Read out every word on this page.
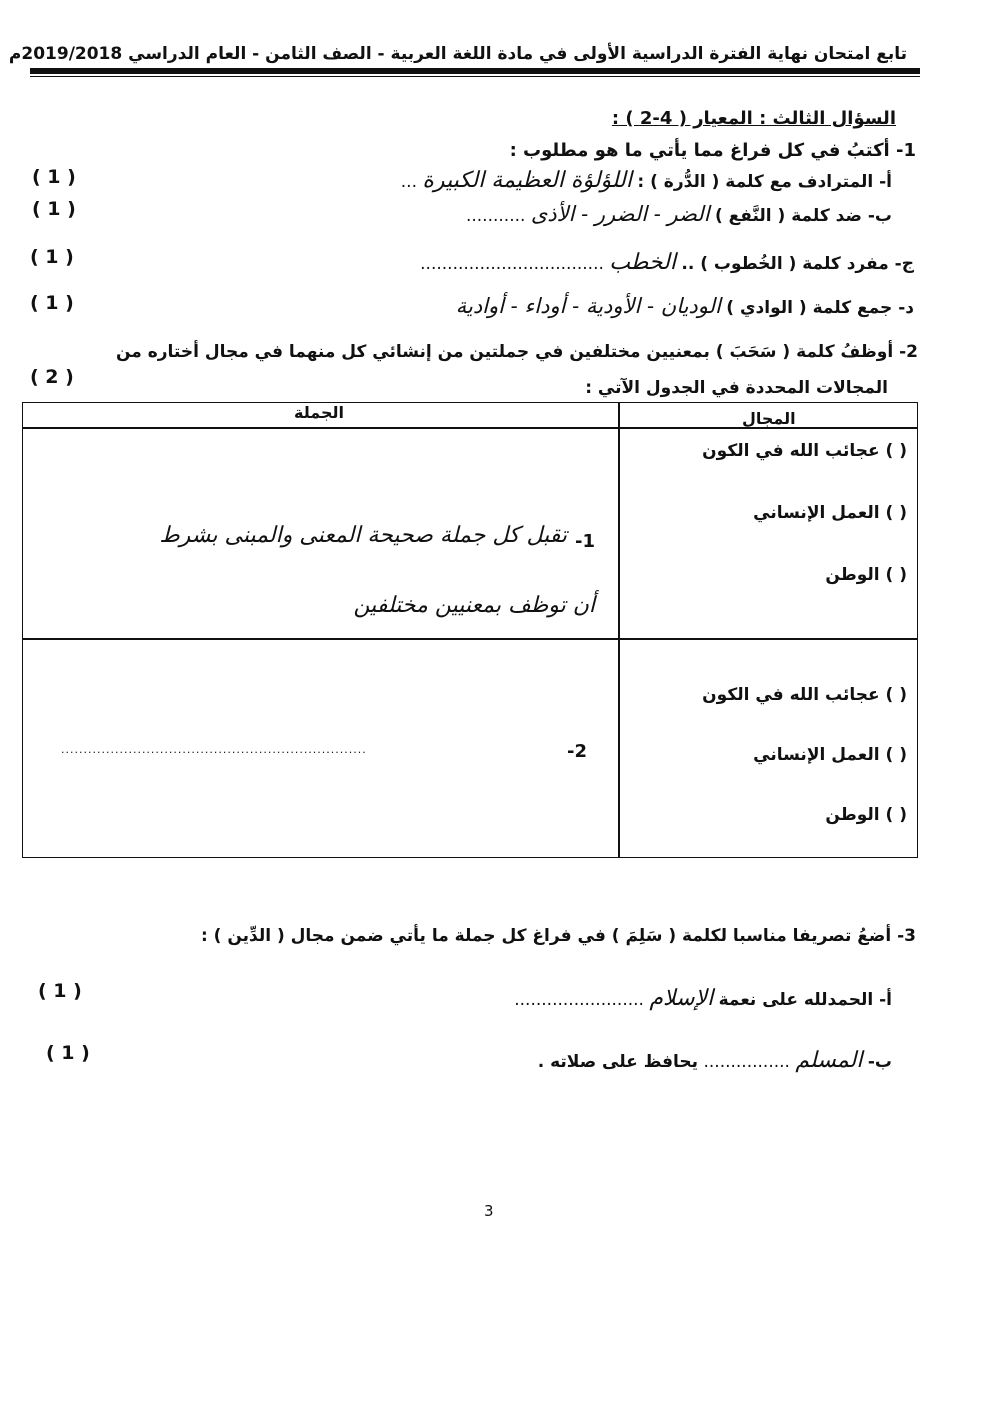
تابع امتحان نهاية الفترة الدراسية الأولى في مادة اللغة العربية - الصف الثامن - العام الدراسي 2019/2018م
السؤال الثالث : المعيار ( 4-2 ) :
1- أكتبُ في كل فراغ مما يأتي ما هو مطلوب :
أ- المترادف مع كلمة ( الدُّرة ) : اللؤلؤة العظيمة الكبيرة ...
( 1 )
ب- ضد كلمة ( النَّفع ) الضر - الضرر - الأذى ...........
( 1 )
ج- مفرد كلمة ( الخُطوب ) .. الخطب ..................................
( 1 )
د- جمع كلمة ( الوادي ) الوديان - الأودية - أوداء - أوادية
( 1 )
2- أوظفُ كلمة ( سَحَبَ ) بمعنيين مختلفين في جملتين من إنشائي كل منهما في مجال أختاره من
المجالات المحددة في الجدول الآتي :
( 2 )
المجال
الجملة
( ) عجائب الله في الكون
( ) العمل الإنساني
( ) الوطن
1-
تقبل كل جملة صحيحة المعنى والمبنى بشرط
أن توظف بمعنيين مختلفين
( ) عجائب الله في الكون
( ) العمل الإنساني
( ) الوطن
2-
....................................................................
3- أضعُ تصريفا مناسبا لكلمة ( سَلِمَ ) في فراغ كل جملة ما يأتي ضمن مجال ( الدِّين ) :
أ- الحمدلله على نعمة الإسلام ........................
( 1 )
ب- المسلم ................ يحافظ على صلاته .
( 1 )
3
